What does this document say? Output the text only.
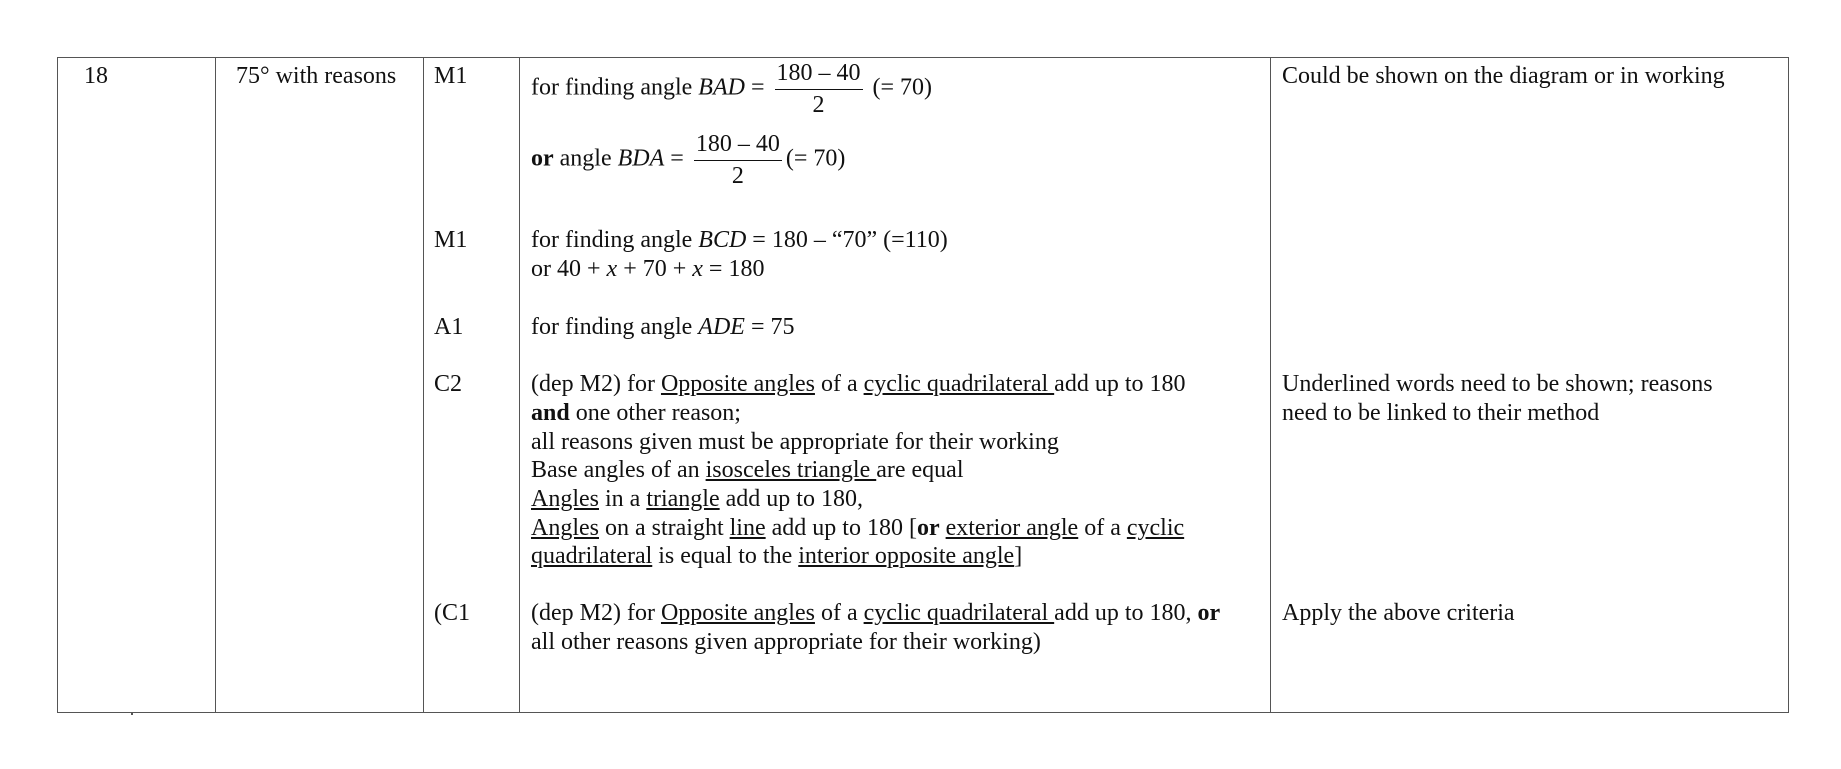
18	75° with reasons M1
M1
A1
C2
(C1
for finding angle BAD = $\frac{180 - 40}{2}$ (= 70)
or angle BDA = $\frac{180 - 40}{2}$ (= 70)
for finding angle BCD = 180 – “70” (=110)
or 40 + x + 70 + x = 180
for finding angle ADE = 75
(dep M2) for Opposite angles of a cyclic quadrilateral add up to 180
and one other reason;
all reasons given must be appropriate for their working
Base angles of an isosceles triangle are equal
Angles in a triangle add up to 180,
Angles on a straight line add up to 180 [or exterior angle of a cyclic
quadrilateral is equal to the interior opposite angle]
(dep M2) for Opposite angles of a cyclic quadrilateral add up to 180, or
all other reasons given appropriate for their working)
Could be shown on the diagram or in working
Underlined words need to be shown; reasons
need to be linked to their method
Apply the above criteria
